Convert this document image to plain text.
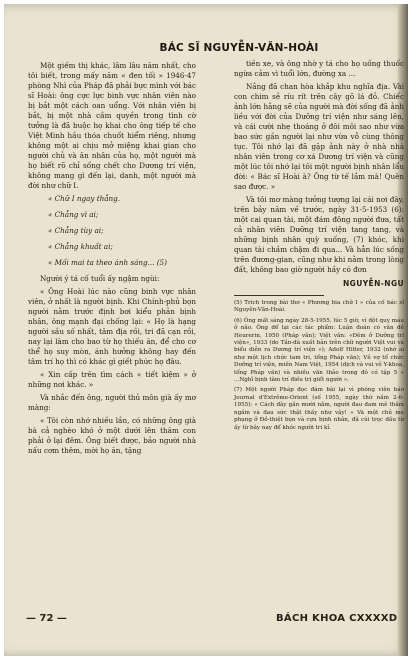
BÁC SĨ NGUYỄN-VĂN-HOÀI

Một giếm thị khác, lâm lâu năm nhất, cho tôi biết, trong mấy năm « đen tối » 1946-47 phòng Nhì của Pháp đã phải bực mình với bác sĩ Hoài: ông cực lực binh vực nhân viên nào bị bắt một cách oan uổng. Với nhân viên bị bắt, bị một nhà cầm quyền trong tình cờ tưởng là đã buộc họ khai cho ông tiếp tế cho Việt Minh hầu thóa chuốt hiểm riêng, nhưng không một ai chịu mở miệng khai gian cho người chủ và ân nhân của họ, một người mà họ biết rõ chỉ sống chết cho Dương trí viện, không mang gì đến lại, danh, một người mà đời như chữ I.

« Chữ I ngay thẳng.
« Chẳng vì ai;
« Chẳng tùy ai;
« Chẳng khuất ai;
« Mối mai ta theo ánh sáng... (5)

Người ý tá cố tuổi ấy ngậm ngùi:

« Ông Hoài lúc nào cũng binh vực nhân viên, ở nhất là người bịnh. Khi Chính-phủ bọn người nằm trước định bơi kiểu phản bịnh nhân, ông mạnh đại chống lại: « Họ là hạng người sầu số nhất, tâm địa rồi, tri đã cạn rồi, nay lại làm cho bao từ họ thiếu ăn, để cho cơ thể họ suy mòn, ánh hưởng không hay đến tâm trí họ thì có khác gì giết phức họ đâu.

« Xin cấp trên tìm cách « tiết kiệm » ở những nơi khác. »

Và nhắc đến ông, người thủ môn già ấy mơ màng:

« Tôi còn nhớ nhiều lần, có những ông già bà cả nghèo khó ở một dưới lên thăm con phải ở lại đêm. Ông biết được, bảo người nhà nấu cơm thêm, mời họ ăn, tặng

tiền xe, và ông nhờ y tá cho họ uống thuốc ngừa cảm vì tuổi lớn, đường xa ...

Nắng đã chan hòa khắp khu nghĩa địa. Vài con chim sẻ ríu rít trên cây gõ lá đỏ. Chiếc ảnh lớn hằng sẽ của người mà đời sống đã ảnh liều với đời của Dưỡng trí viện như sáng lên, và cái cười nhẹ thoáng ở đôi môi sao như vừa bao sức gần người lại như vừa vỗ cùng thông tục. Tôi nhớ lại đã gặp ảnh này ở nhà nhà nhân viên trong cơ xá Dương trí viện và cũng một lúc tôi nhớ lại tôi một người bịnh nhân lẩu đời: « Bác sĩ Hoài à? Ông từ tế lắm mà! Quên sao được. »

Và tôi mơ màng tưởng tượng lại cái nơi đây, trên bảy năm về trước, ngày 31-5-1953 (6): một cai quan tài, một đám đông người đưa, tất cả nhân viên Dưỡng trí viện tang tang, và những bịnh nhân quỳ xuống, (7) khóc, khi quan tài chầm chậm đi qua... Và hẳn lúc sống trên đương-gian, cũng như khi nằm trong lòng đất, không bao giờ người hầy có đơn

NGUYỄN-NGU
(5) Trích trong bài thơ « Phương bia chữ I » của cố bác sĩ Nguyễn-Văn-Hoài.
(6) Ông mất sáng ngày 28-5-1955, lúc 5 giờ, vì đột quỵ máu ở não. Ông để lại các tác phẩm: Luận đoán có văn đề Heurerin, 1950 (Pháp văn); Việt văn: «Đêm ở Dưỡng trí viện», 1933 (do Tản-đà xuất bản trên chữ người Việt vui và biểu diễn ra Dương trí viện »); Adolf Hitler, 1932 (nhớ ai như một lịch chức tam tri, tổng Pháp văn); Vẻ vợ tổ chức Dưỡng trí viện, miền Nam Việt, 1954 (dịch và vui vẻ Y-khoa, tổng Pháp văn) và nhiều văn thảo trong đó có tập 5 « ...Nghĩ bịnh tâm trí điều trị giết người ».
(7) Một người Pháp đọc đám bài lại vì phóng viên báo Journal d'Extrême-Orient (số 1955, ngày thứ năm 2-6-1955): « Cách đây gần mười năm, người đau đam mê thăm ngầm và đau sức thật thấy như vậy! » Và một chủ mẹ phụng ở Đồ-thiệt bọn và cựu bịnh nhân, đã cúi trọc đầu từ ấy từ bây nay để khóc người tri kỉ.
— 72 —	BÁCH KHOA CXXXXD
